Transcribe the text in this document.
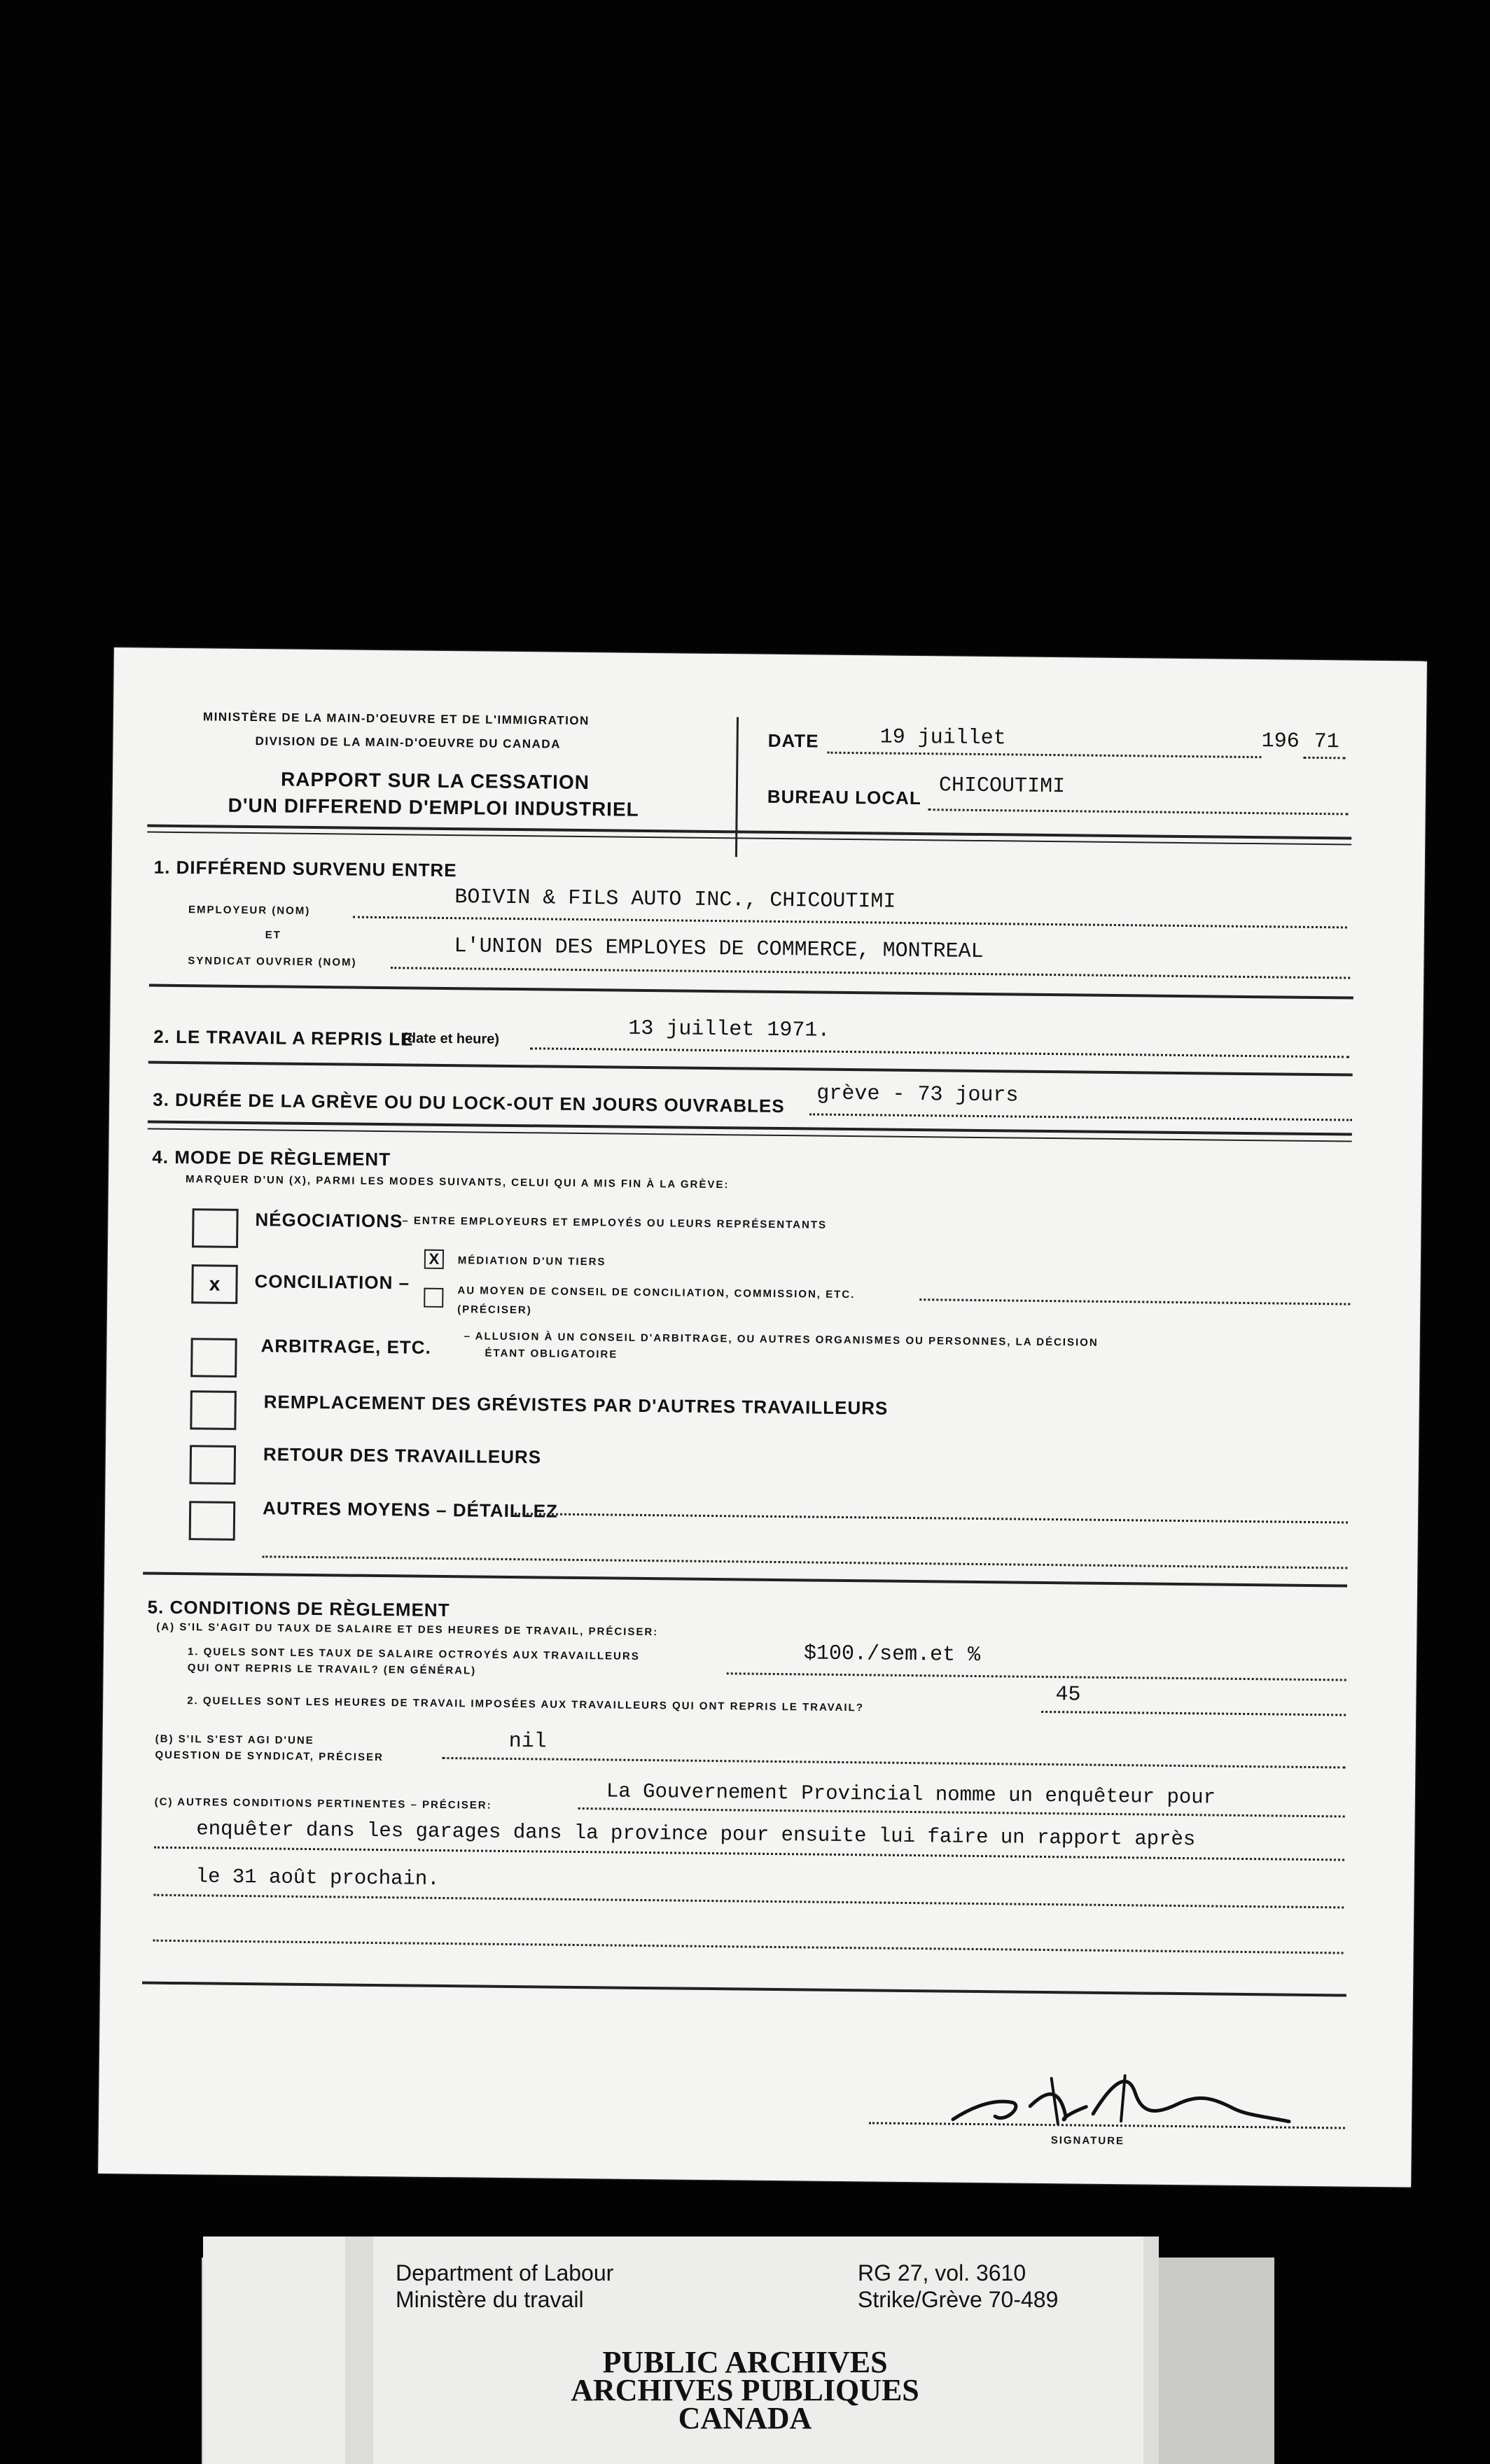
MINISTÈRE DE LA MAIN-D'OEUVRE ET DE L'IMMIGRATION
DIVISION DE LA MAIN-D'OEUVRE DU CANADA
RAPPORT SUR LA CESSATION
D'UN DIFFEREND D'EMPLOI INDUSTRIEL
DATE	19 juillet	196 71
BUREAU LOCAL CHICOUTIMI
1. DIFFÉREND SURVENU ENTRE
EMPLOYEUR (NOM)	BOIVIN & FILS AUTO INC., CHICOUTIMI
ET
SYNDICAT OUVRIER (NOM)	L'UNION DES EMPLOYES DE COMMERCE, MONTREAL
2. LE TRAVAIL A REPRIS LE
(date et heure)	13 juillet 1971.
3. DURÉE DE LA GRÈVE OU DU LOCK-OUT EN JOURS OUVRABLES grève - 73 jours
4. MODE DE RÈGLEMENT
MARQUER D'UN (X), PARMI LES MODES SUIVANTS, CELUI QUI A MIS FIN À LA GRÈVE:
NÉGOCIATIONS
– ENTRE EMPLOYEURS ET EMPLOYÉS OU LEURS REPRÉSENTANTS
x	CONCILIATION –
X	MÉDIATION D'UN TIERS
AU MOYEN DE CONSEIL DE CONCILIATION, COMMISSION, ETC.
(PRÉCISER)
ARBITRAGE, ETC.	– ALLUSION À UN CONSEIL D'ARBITRAGE, OU AUTRES ORGANISMES OU PERSONNES, LA DÉCISION
ÉTANT OBLIGATOIRE
REMPLACEMENT DES GRÉVISTES PAR D'AUTRES TRAVAILLEURS
RETOUR DES TRAVAILLEURS
AUTRES MOYENS – DÉTAILLEZ
5. CONDITIONS DE RÈGLEMENT
(A) S'IL S'AGIT DU TAUX DE SALAIRE ET DES HEURES DE TRAVAIL, PRÉCISER:
1. QUELS SONT LES TAUX DE SALAIRE OCTROYÉS AUX TRAVAILLEURS
QUI ONT REPRIS LE TRAVAIL? (EN GÉNÉRAL)
$100./sem.et %
2. QUELLES SONT LES HEURES DE TRAVAIL IMPOSÉES AUX TRAVAILLEURS QUI ONT REPRIS LE TRAVAIL?	45
(B) S'IL S'EST AGI D'UNE
QUESTION DE SYNDICAT, PRÉCISER
nil
(C) AUTRES CONDITIONS PERTINENTES – PRÉCISER:	La Gouvernement Provincial nomme un enquêteur pour
enquêter dans les garages dans la province pour ensuite lui faire un rapport après
le 31 août prochain.
SIGNATURE
Department of Labour
Ministère du travail
RG 27, vol. 3610
Strike/Grève 70-489
PUBLIC ARCHIVES
ARCHIVES PUBLIQUES
CANADA
